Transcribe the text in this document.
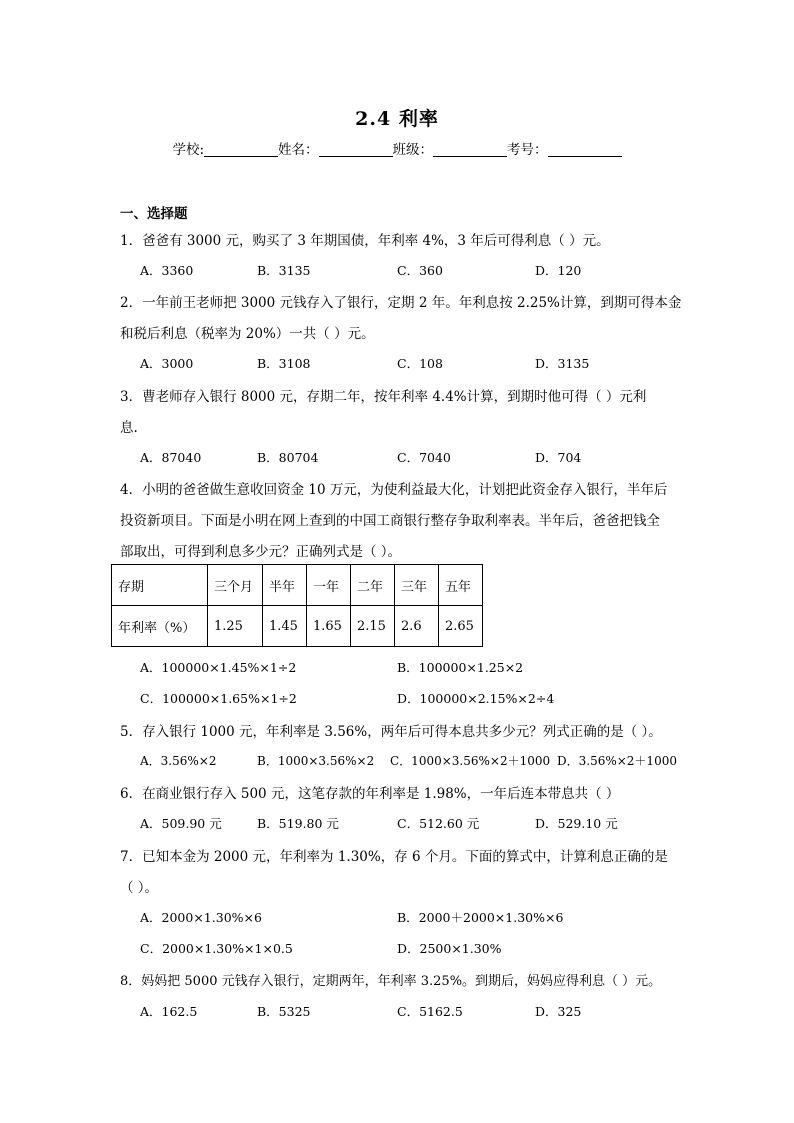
2.4 利率
学校:	姓名：	班级：	考号：
一、选择题
1．爸爸有 3000 元，购买了 3 年期国债，年利率 4%，3 年后可得利息（ ）元。
A．3360	B．3135	C．360	D．120
2．一年前王老师把 3000 元钱存入了银行，定期 2 年。年利息按 2.25%计算，到期可得本金
和税后利息（税率为 20%）一共（ ）元。
A．3000	B．3108	C．108	D．3135
3．曹老师存入银行 8000 元，存期二年，按年利率 4.4%计算，到期时他可得（ ）元利
息.
A．87040	B．80704	C．7040	D．704
4．小明的爸爸做生意收回资金 10 万元，为使利益最大化，计划把此资金存入银行，半年后
投资新项目。下面是小明在网上查到的中国工商银行整存争取利率表。半年后，爸爸把钱全
部取出，可得到利息多少元？正确列式是（ ）。
存期	三个月	半年	一年	二年	三年	五年
年利率（%）	1.25	1.45	1.65	2.15	2.6	2.65
A．100000×1.45%×1÷2	B．100000×1.25×2
C．100000×1.65%×1÷2	D．100000×2.15%×2÷4
5．存入银行 1000 元，年利率是 3.56%，两年后可得本息共多少元？列式正确的是（ ）。
A．3.56%×2	B．1000×3.56%×2 C．1000×3.56%×2＋1000 D．3.56%×2＋1000
6．在商业银行存入 500 元，这笔存款的年利率是 1.98%，一年后连本带息共（ ）
A．509.90 元	B．519.80 元	C．512.60 元	D．529.10 元
7．已知本金为 2000 元，年利率为 1.30%，存 6 个月。下面的算式中，计算利息正确的是
（ ）。
A．2000×1.30%×6	B．2000＋2000×1.30%×6
C．2000×1.30%×1×0.5	D．2500×1.30%
8．妈妈把 5000 元钱存入银行，定期两年，年利率 3.25%。到期后，妈妈应得利息（ ）元。
A．162.5	B．5325	C．5162.5	D．325
